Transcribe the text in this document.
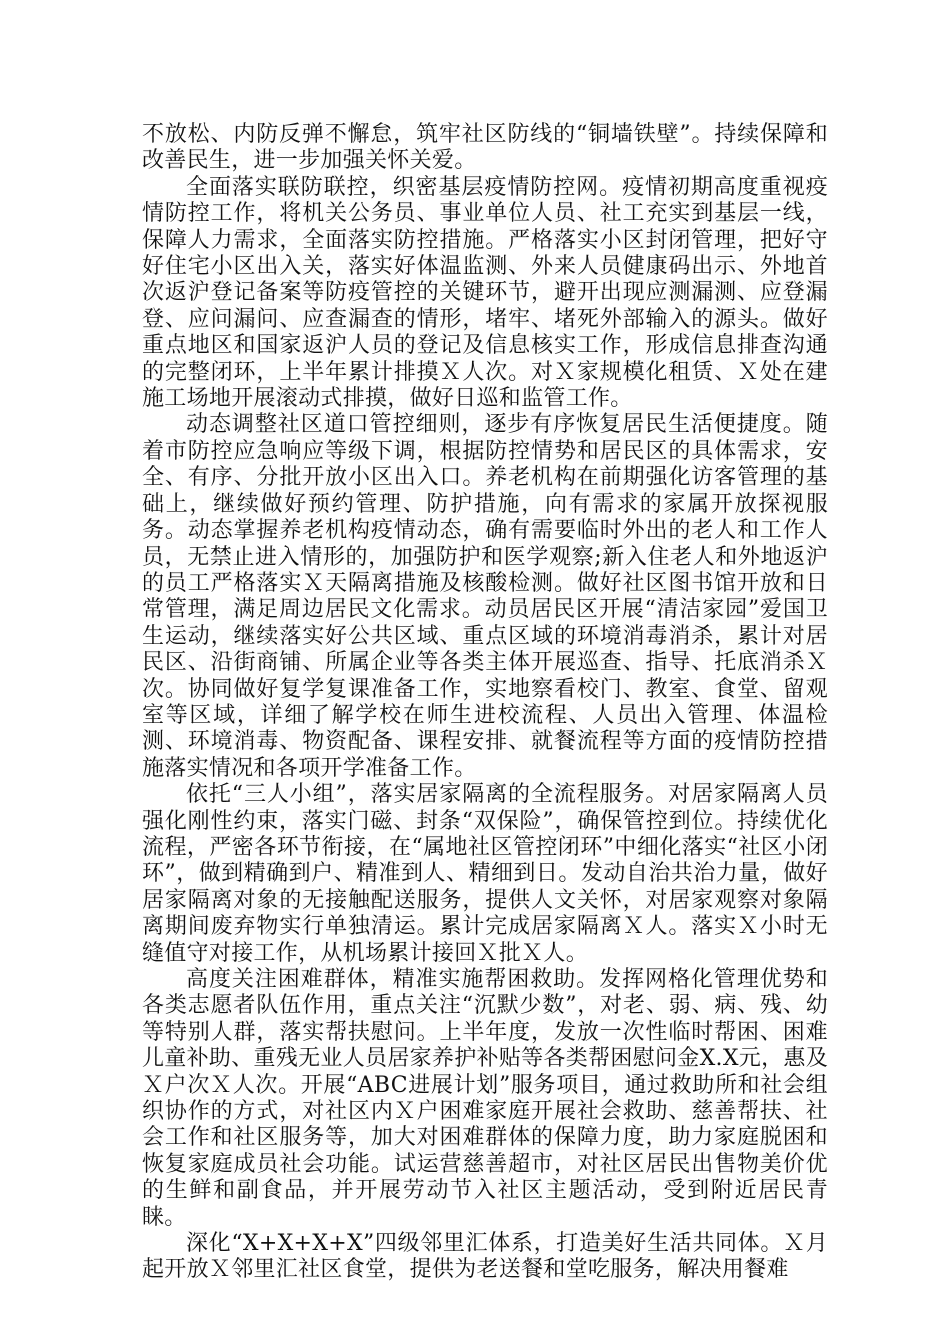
不放松、内防反弹不懈怠，筑牢社区防线的“铜墙铁壁”。持续保障和改善民生，进一步加强关怀关爱。

全面落实联防联控，织密基层疫情防控网。疫情初期高度重视疫情防控工作，将机关公务员、事业单位人员、社工充实到基层一线，保障人力需求，全面落实防控措施。严格落实小区封闭管理，把好守好住宅小区出入关，落实好体温监测、外来人员健康码出示、外地首次返沪登记备案等防疫管控的关键环节，避开出现应测漏测、应登漏登、应问漏问、应查漏查的情形，堵牢、堵死外部输入的源头。做好重点地区和国家返沪人员的登记及信息核实工作，形成信息排查沟通的完整闭环，上半年累计排摸Ｘ人次。对Ｘ家规模化租赁、Ｘ处在建施工场地开展滚动式排摸，做好日巡和监管工作。

动态调整社区道口管控细则，逐步有序恢复居民生活便捷度。随着市防控应急响应等级下调，根据防控情势和居民区的具体需求，安全、有序、分批开放小区出入口。养老机构在前期强化访客管理的基础上，继续做好预约管理、防护措施，向有需求的家属开放探视服务。动态掌握养老机构疫情动态，确有需要临时外出的老人和工作人员，无禁止进入情形的，加强防护和医学观察;新入住老人和外地返沪的员工严格落实Ｘ天隔离措施及核酸检测。做好社区图书馆开放和日常管理，满足周边居民文化需求。动员居民区开展“清洁家园”爱国卫生运动，继续落实好公共区域、重点区域的环境消毒消杀，累计对居民区、沿街商铺、所属企业等各类主体开展巡查、指导、托底消杀Ｘ次。协同做好复学复课准备工作，实地察看校门、教室、食堂、留观室等区域，详细了解学校在师生进校流程、人员出入管理、体温检测、环境消毒、物资配备、课程安排、就餐流程等方面的疫情防控措施落实情况和各项开学准备工作。

依托“三人小组”，落实居家隔离的全流程服务。对居家隔离人员强化刚性约束，落实门磁、封条“双保险”，确保管控到位。持续优化流程，严密各环节衔接，在“属地社区管控闭环”中细化落实“社区小闭环”，做到精确到户、精准到人、精细到日。发动自治共治力量，做好居家隔离对象的无接触配送服务，提供人文关怀，对居家观察对象隔离期间废弃物实行单独清运。累计完成居家隔离Ｘ人。落实Ｘ小时无缝值守对接工作，从机场累计接回Ｘ批Ｘ人。

高度关注困难群体，精准实施帮困救助。发挥网格化管理优势和各类志愿者队伍作用，重点关注“沉默少数”，对老、弱、病、残、幼等特别人群，落实帮扶慰问。上半年度，发放一次性临时帮困、困难儿童补助、重残无业人员居家养护补贴等各类帮困慰问金X.X元，惠及Ｘ户次Ｘ人次。开展“ABC进展计划”服务项目，通过救助所和社会组织协作的方式，对社区内Ｘ户困难家庭开展社会救助、慈善帮扶、社会工作和社区服务等，加大对困难群体的保障力度，助力家庭脱困和恢复家庭成员社会功能。试运营慈善超市，对社区居民出售物美价优的生鲜和副食品，并开展劳动节入社区主题活动，受到附近居民青睐。

深化“X+X+X+X”四级邻里汇体系，打造美好生活共同体。Ｘ月起开放Ｘ邻里汇社区食堂，提供为老送餐和堂吃服务，解决用餐难
